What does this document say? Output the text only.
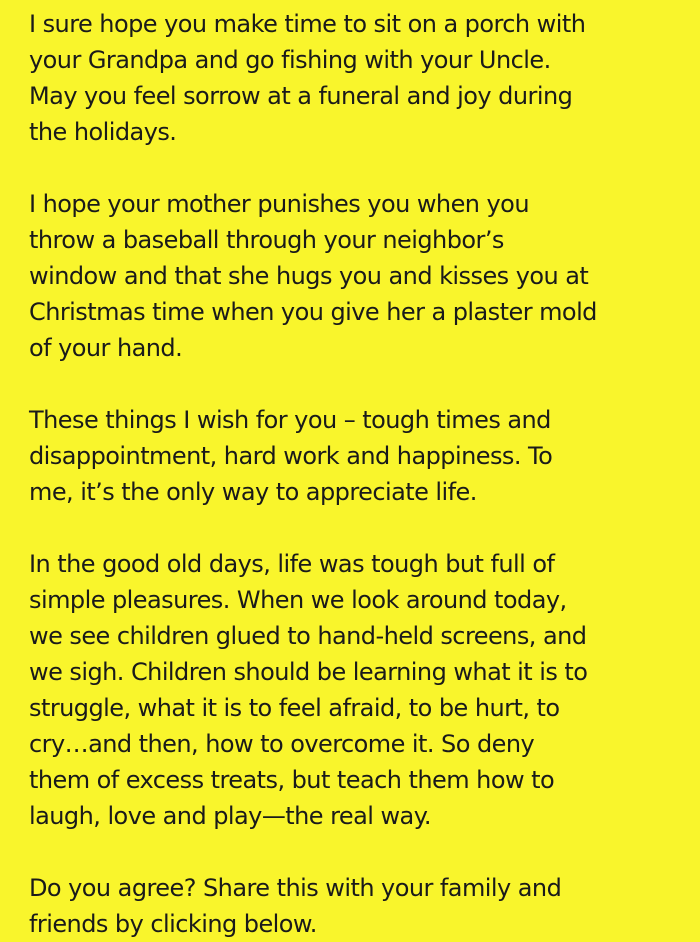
I sure hope you make time to sit on a porch with
your Grandpa and go fishing with your Uncle.
May you feel sorrow at a funeral and joy during
the holidays.

I hope your mother punishes you when you
throw a baseball through your neighbor’s
window and that she hugs you and kisses you at
Christmas time when you give her a plaster mold
of your hand.

These things I wish for you – tough times and
disappointment, hard work and happiness. To
me, it’s the only way to appreciate life.

In the good old days, life was tough but full of
simple pleasures. When we look around today,
we see children glued to hand-held screens, and
we sigh. Children should be learning what it is to
struggle, what it is to feel afraid, to be hurt, to
cry…and then, how to overcome it. So deny
them of excess treats, but teach them how to
laugh, love and play—the real way.

Do you agree? Share this with your family and
friends by clicking below.
